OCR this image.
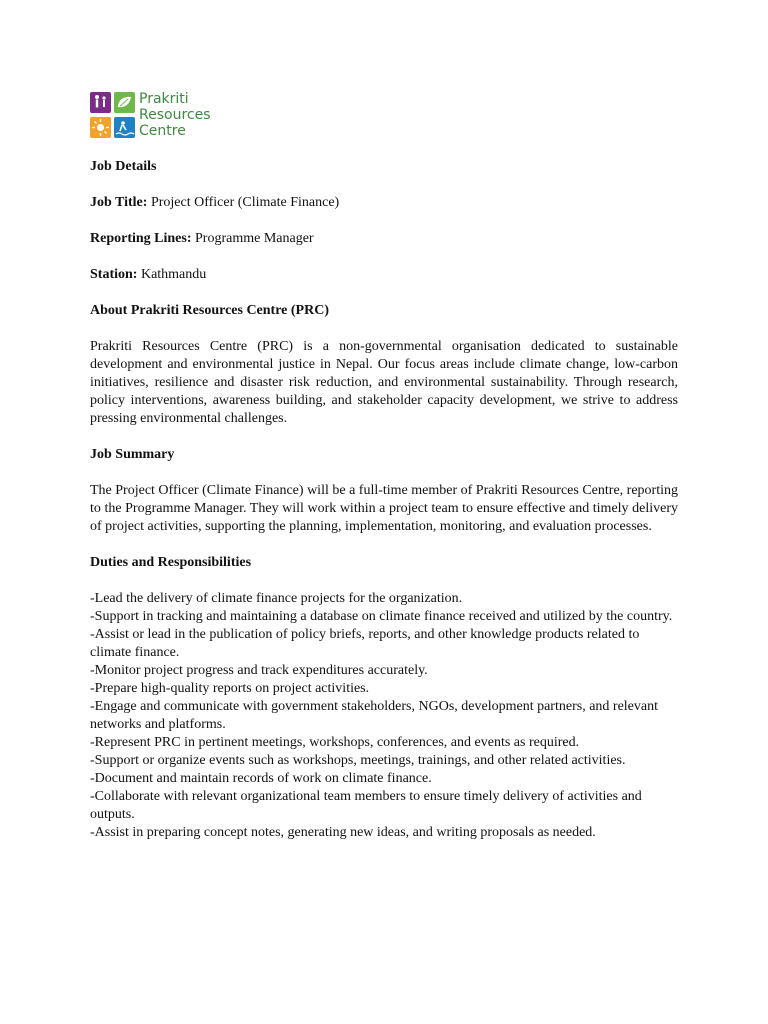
Prakriti
Resources
Centre
Job Details
Job Title: Project Officer (Climate Finance)
Reporting Lines: Programme Manager
Station: Kathmandu
About Prakriti Resources Centre (PRC)
Prakriti Resources Centre (PRC) is a non-governmental organisation dedicated to sustainable development and environmental justice in Nepal. Our focus areas include climate change, low-carbon initiatives, resilience and disaster risk reduction, and environmental sustainability. Through research, policy interventions, awareness building, and stakeholder capacity development, we strive to address pressing environmental challenges.
Job Summary
The Project Officer (Climate Finance) will be a full-time member of Prakriti Resources Centre, reporting to the Programme Manager. They will work within a project team to ensure effective and timely delivery of project activities, supporting the planning, implementation, monitoring, and evaluation processes.
Duties and Responsibilities
-Lead the delivery of climate finance projects for the organization.
-Support in tracking and maintaining a database on climate finance received and utilized by the country.
-Assist or lead in the publication of policy briefs, reports, and other knowledge products related to climate finance.
-Monitor project progress and track expenditures accurately.
-Prepare high-quality reports on project activities.
-Engage and communicate with government stakeholders, NGOs, development partners, and relevant networks and platforms.
-Represent PRC in pertinent meetings, workshops, conferences, and events as required.
-Support or organize events such as workshops, meetings, trainings, and other related activities.
-Document and maintain records of work on climate finance.
-Collaborate with relevant organizational team members to ensure timely delivery of activities and outputs.
-Assist in preparing concept notes, generating new ideas, and writing proposals as needed.
